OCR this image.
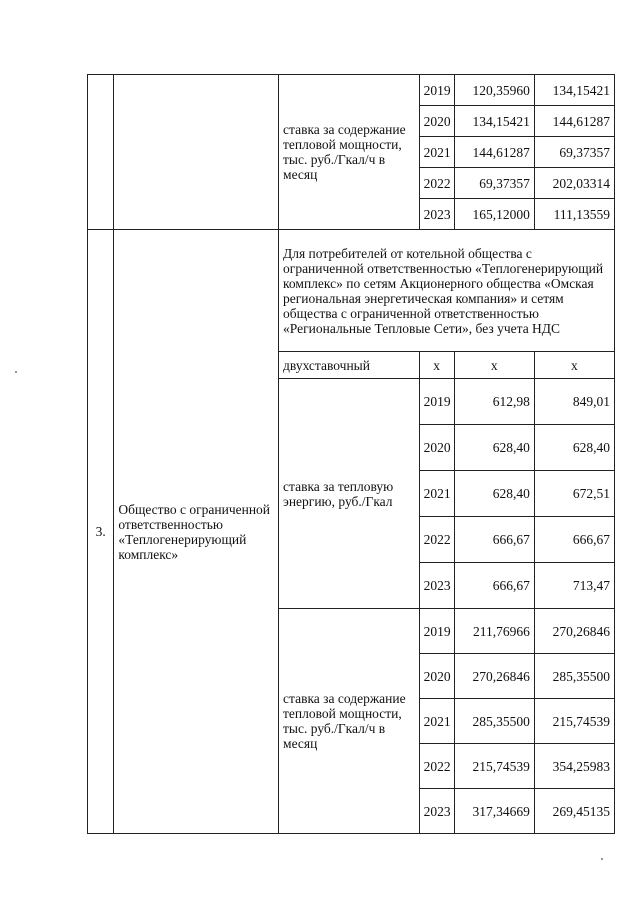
		ставка за содержание тепловой мощности, тыс. руб./Гкал/ч в месяц	2019	120,35960	134,15421
			2020	134,15421	144,61287
			2021	144,61287	69,37357
			2022	69,37357	202,03314
			2023	165,12000	111,13559
3.	Общество с ограниченной ответственностью «Теплогенерирующий комплекс»	Для потребителей от котельной общества с ограниченной ответственностью «Теплогенерирующий комплекс» по сетям Акционерного общества «Омская региональная энергетическая компания» и сетям общества с ограниченной ответственностью «Региональные Тепловые Сети», без учета НДС			
		двухставочный	x	x	x
		ставка за тепловую энергию, руб./Гкал	2019	612,98	849,01
			2020	628,40	628,40
			2021	628,40	672,51
			2022	666,67	666,67
			2023	666,67	713,47
		ставка за содержание тепловой мощности, тыс. руб./Гкал/ч в месяц	2019	211,76966	270,26846
			2020	270,26846	285,35500
			2021	285,35500	215,74539
			2022	215,74539	354,25983
			2023	317,34669	269,45135
